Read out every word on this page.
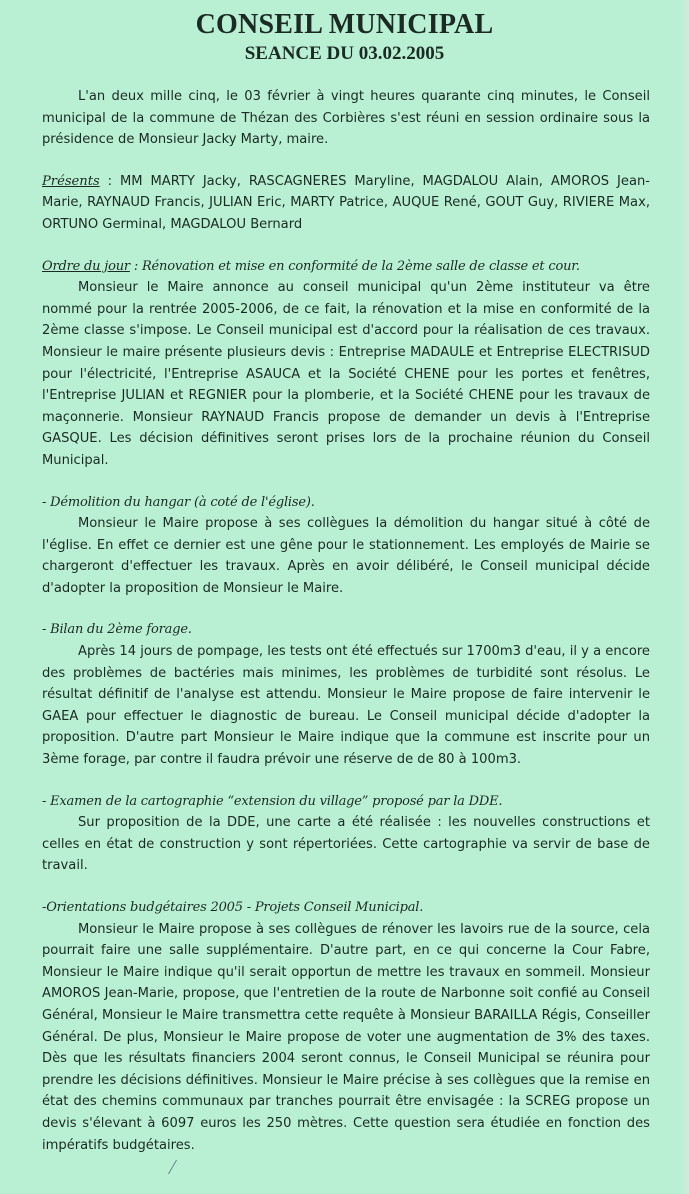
CONSEIL MUNICIPAL
SEANCE DU 03.02.2005

L'an deux mille cinq, le 03 février à vingt heures quarante cinq minutes, le Conseil municipal de la commune de Thézan des Corbières s'est réuni en session ordinaire sous la présidence de Monsieur Jacky Marty, maire.

Présents : MM MARTY Jacky, RASCAGNERES Maryline, MAGDALOU Alain, AMOROS Jean-Marie, RAYNAUD Francis, JULIAN Eric, MARTY Patrice, AUQUE René, GOUT Guy, RIVIERE Max, ORTUNO Germinal, MAGDALOU Bernard

Ordre du jour : Rénovation et mise en conformité de la 2ème salle de classe et cour.

Monsieur le Maire annonce au conseil municipal qu'un 2ème instituteur va être nommé pour la rentrée 2005-2006, de ce fait, la rénovation et la mise en conformité de la 2ème classe s'impose. Le Conseil municipal est d'accord pour la réalisation de ces travaux. Monsieur le maire présente plusieurs devis : Entreprise MADAULE et Entreprise ELECTRISUD pour l'électricité, l'Entreprise ASAUCA et la Société CHENE pour les portes et fenêtres, l'Entreprise JULIAN et REGNIER pour la plomberie, et la Société CHENE pour les travaux de maçonnerie. Monsieur RAYNAUD Francis propose de demander un devis à l'Entreprise GASQUE. Les décision définitives seront prises lors de la prochaine réunion du Conseil Municipal.

- Démolition du hangar (à coté de l'église).

Monsieur le Maire propose à ses collègues la démolition du hangar situé à côté de l'église. En effet ce dernier est une gêne pour le stationnement. Les employés de Mairie se chargeront d'effectuer les travaux. Après en avoir délibéré, le Conseil municipal décide d'adopter la proposition de Monsieur le Maire.

- Bilan du 2ème forage.

Après 14 jours de pompage, les tests ont été effectués sur 1700m3 d'eau, il y a encore des problèmes de bactéries mais minimes, les problèmes de turbidité sont résolus. Le résultat définitif de l'analyse est attendu. Monsieur le Maire propose de faire intervenir le GAEA pour effectuer le diagnostic de bureau. Le Conseil municipal décide d'adopter la proposition. D'autre part Monsieur le Maire indique que la commune est inscrite pour un 3ème forage, par contre il faudra prévoir une réserve de de 80 à 100m3.

- Examen de la cartographie “extension du village” proposé par la DDE.

Sur proposition de la DDE, une carte a été réalisée : les nouvelles constructions et celles en état de construction y sont répertoriées. Cette cartographie va servir de base de travail.

-Orientations budgétaires 2005 - Projets Conseil Municipal.

Monsieur le Maire propose à ses collègues de rénover les lavoirs rue de la source, cela pourrait faire une salle supplémentaire. D'autre part, en ce qui concerne la Cour Fabre, Monsieur le Maire indique qu'il serait opportun de mettre les travaux en sommeil. Monsieur AMOROS Jean-Marie, propose, que l'entretien de la route de Narbonne soit confié au Conseil Général, Monsieur le Maire transmettra cette requête à Monsieur BARAILLA Régis, Conseiller Général. De plus, Monsieur le Maire propose de voter une augmentation de 3% des taxes. Dès que les résultats financiers 2004 seront connus, le Conseil Municipal se réunira pour prendre les décisions définitives. Monsieur le Maire précise à ses collègues que la remise en état des chemins communaux par tranches pourrait être envisagée : la SCREG propose un devis s'élevant à 6097 euros les 250 mètres. Cette question sera étudiée en fonction des impératifs budgétaires.
